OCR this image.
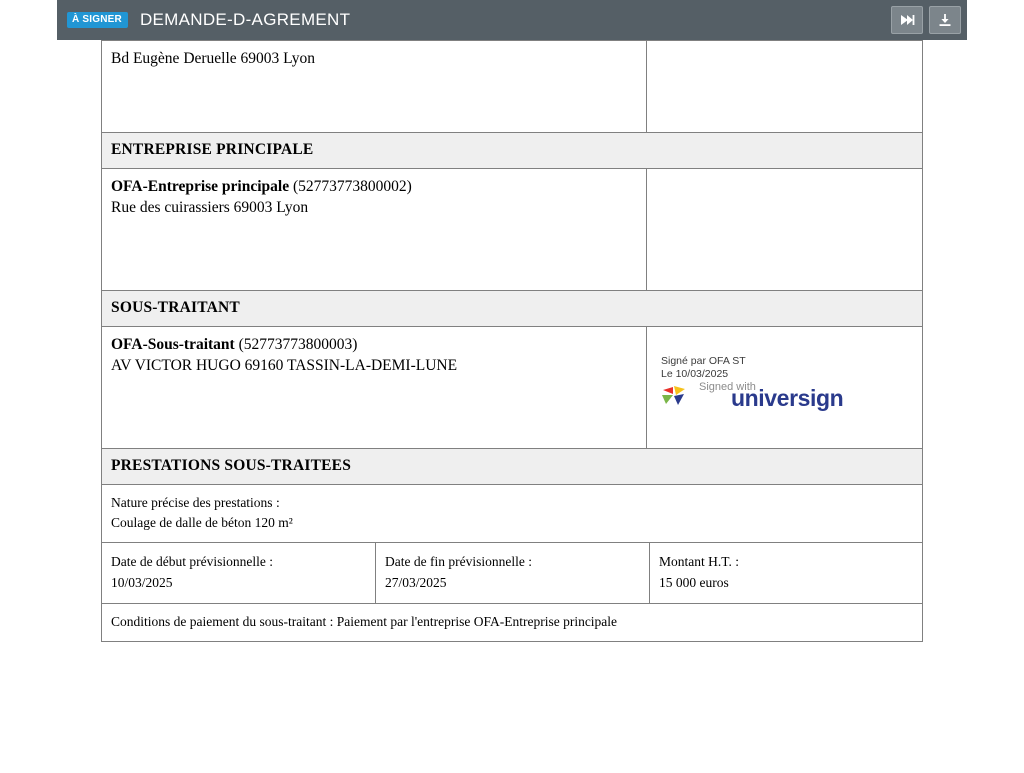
À SIGNER	DEMANDE-D-AGREMENT
Bd Eugène Deruelle 69003 Lyon
ENTREPRISE PRINCIPALE
OFA-Entreprise principale (52773773800002)
Rue des cuirassiers 69003 Lyon
SOUS-TRAITANT
OFA-Sous-traitant (52773773800003)
AV VICTOR HUGO 69160 TASSIN-LA-DEMI-LUNE	Signé par OFA ST
Le 10/03/2025
Signed with
universign
PRESTATIONS SOUS-TRAITEES
Nature précise des prestations :
Coulage de dalle de béton 120 m²
Date de début prévisionnelle :
10/03/2025
Date de fin prévisionnelle :
27/03/2025
Montant H.T. :
15 000 euros
Conditions de paiement du sous-traitant : Paiement par l'entreprise OFA-Entreprise principale
